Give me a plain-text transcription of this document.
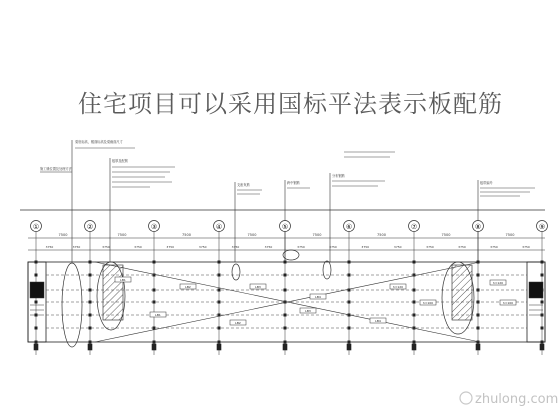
住宅项目可以采用国标平法表示板配筋
梁底标高，楼面标高及梁截面尺寸
板厚及配筋
支座负筋	跨中钢筋
分布钢筋
板带编号
施工缝位置及处理方法
①	②	③	④	⑤	⑥	⑦	⑧	⑨
7500
3750	3750
7500
3750	3750
7500
3750	3750
7500
3750	3750
7500
3750	3750
7500
3750	3750
7500
3750	3750
7500
3750	3750
LB1
LB2	LB3
LB4
h=120
h=100
LB1
LB2
LB3
LB4
h=120
h=100
zhulong.com
